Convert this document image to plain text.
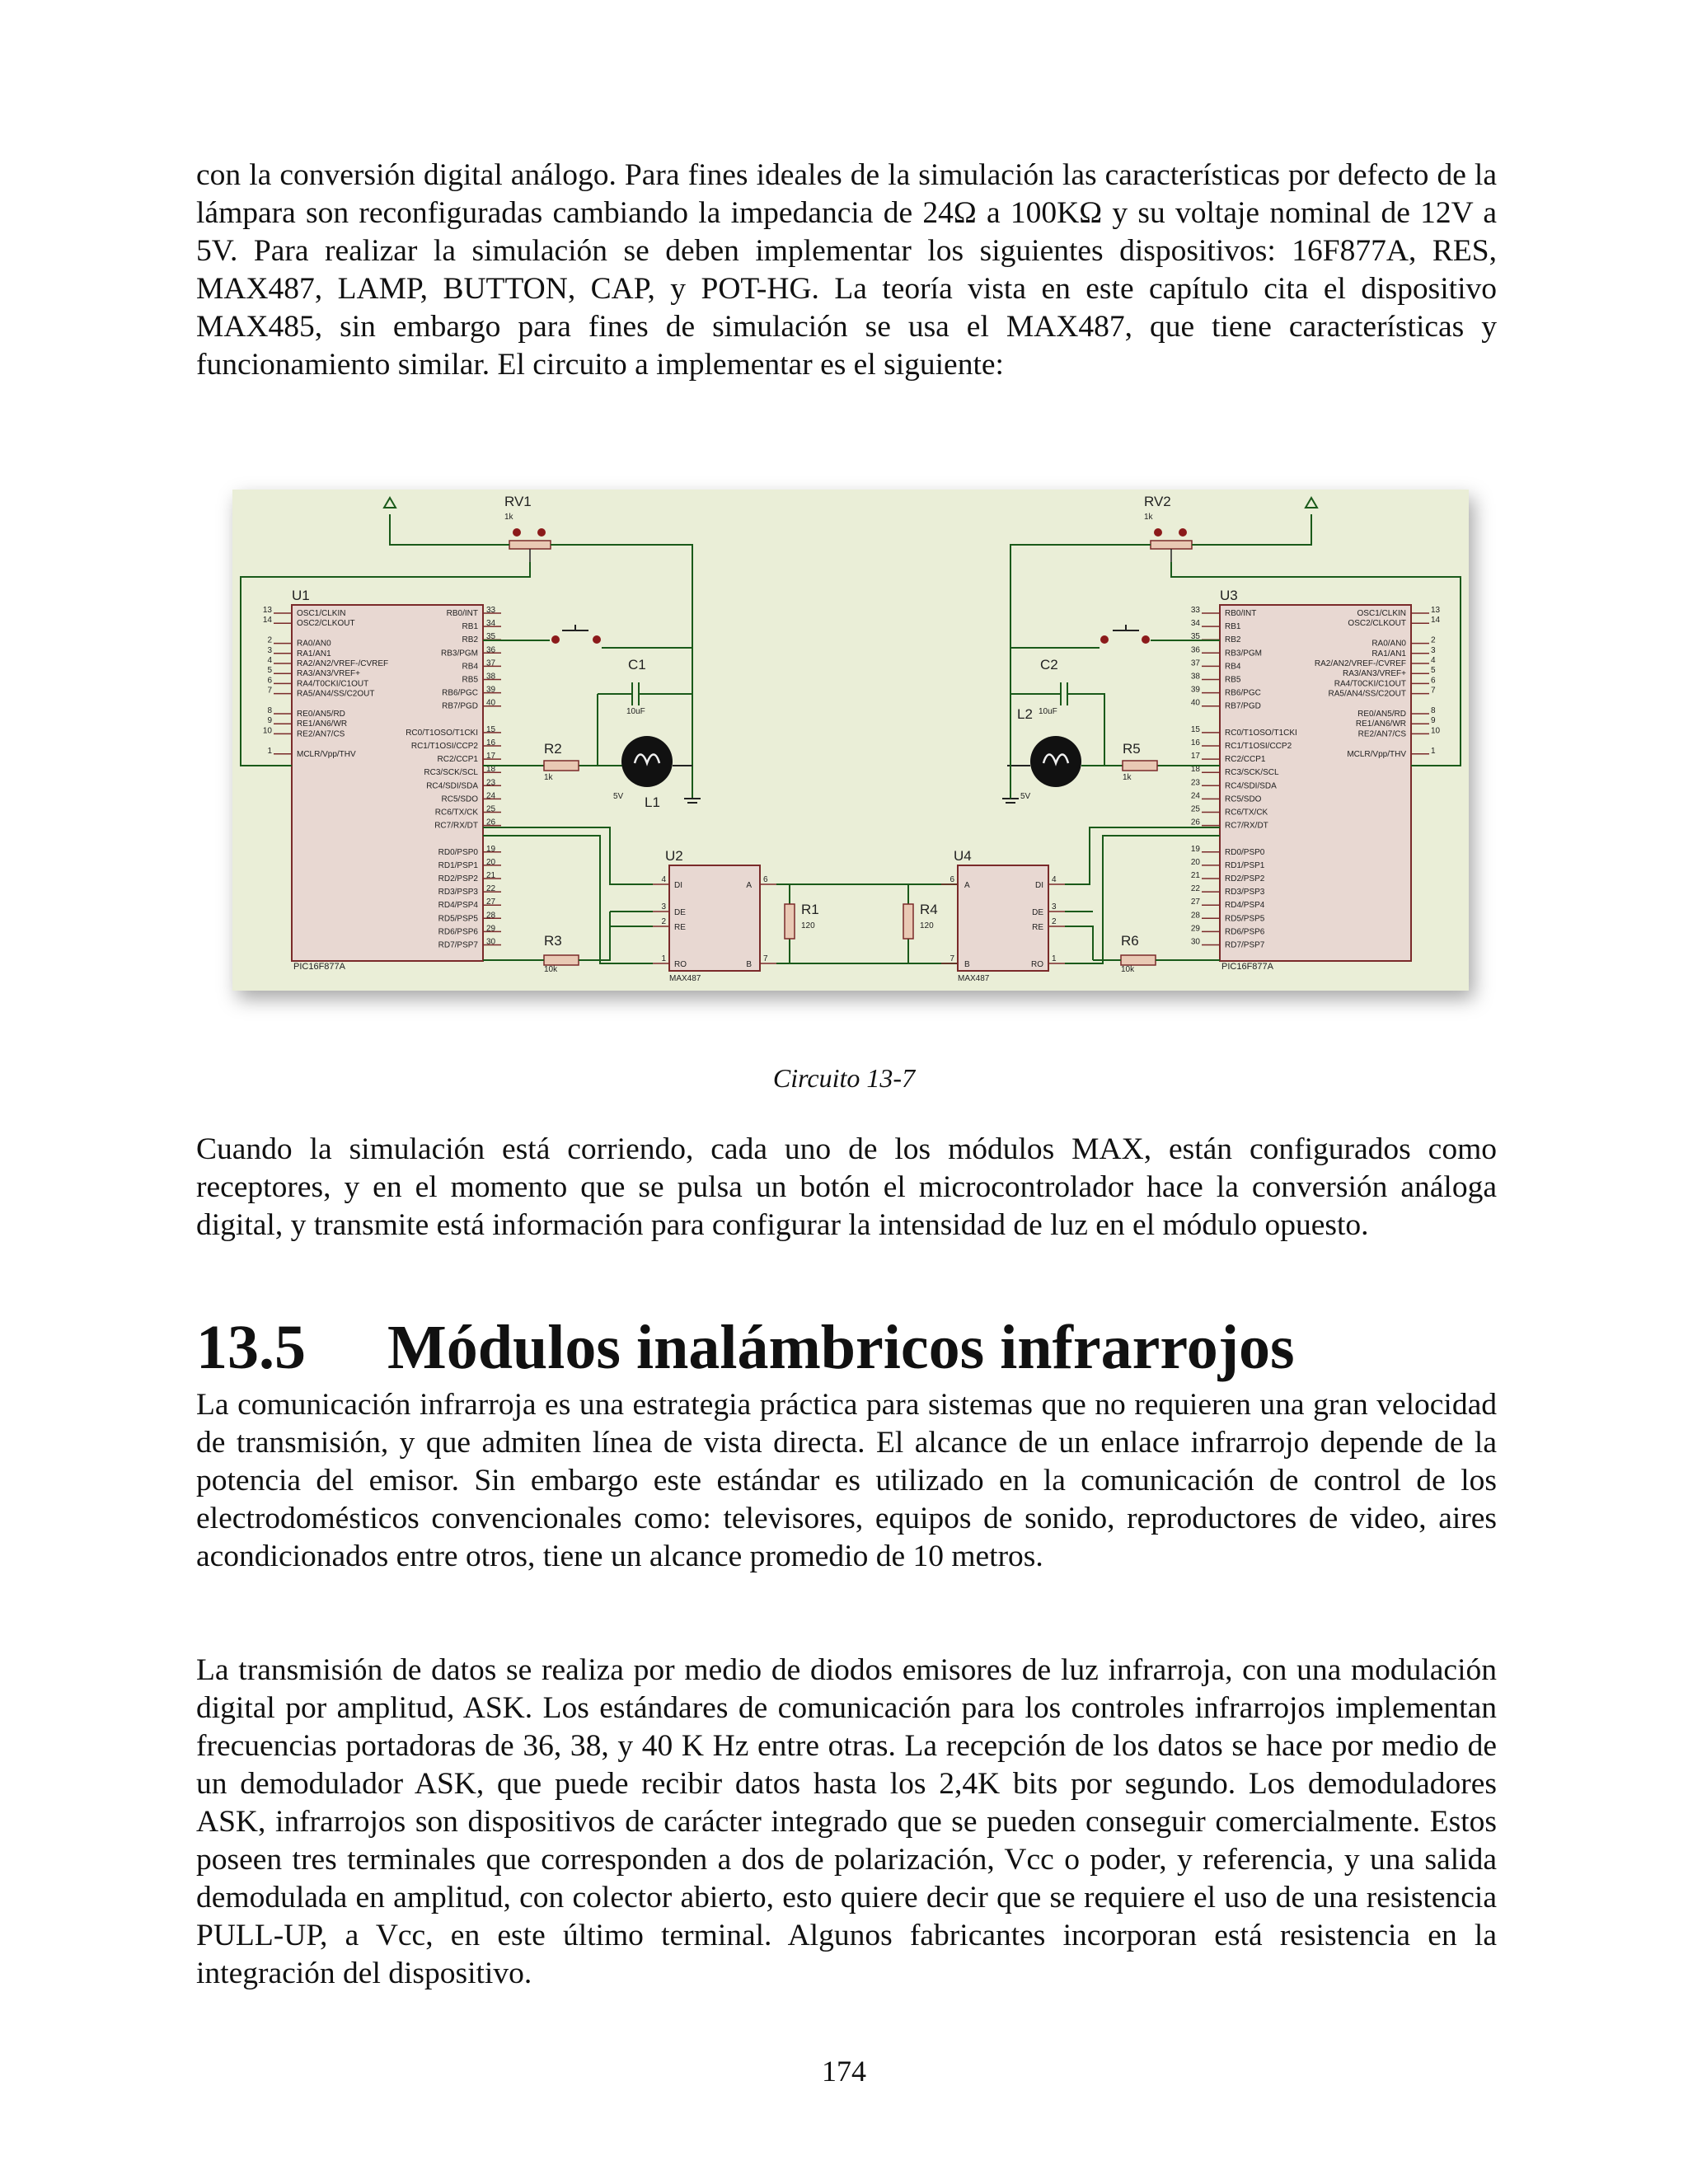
con la conversión digital análogo. Para fines ideales de la simulación las características por defecto de la lámpara son reconfiguradas cambiando la impedancia de 24Ω a 100KΩ y su voltaje nominal de 12V a 5V. Para realizar la simulación se deben implementar los siguientes dispositivos: 16F877A, RES, MAX487, LAMP, BUTTON, CAP, y POT-HG. La teoría vista en este capítulo cita el dispositivo MAX485, sin embargo para fines de simulación se usa el MAX487, que tiene características y funcionamiento similar. El circuito a implementar es el siguiente:

U1
PIC16F877A
13	OSC1/CLKIN
14	OSC2/CLKOUT
2	RA0/AN0
3	RA1/AN1
4	RA2/AN2/VREF-/CVREF
5	RA3/AN3/VREF+
6	RA4/T0CKI/C1OUT
7	RA5/AN4/SS/C2OUT
8	RE0/AN5/RD
9	RE1/AN6/WR
10	RE2/AN7/CS
1	MCLR/Vpp/THV
33
RB0/INT
34
RB1
35
RB2
36
RB3/PGM
37
RB4
38
RB5
39
RB6/PGC
40
RB7/PGD
15
RC0/T1OSO/T1CKI
16
RC1/T1OSI/CCP2
17
RC2/CCP1
18
RC3/SCK/SCL
23
RC4/SDI/SDA
24
RC5/SDO
25
RC6/TX/CK
26
RC7/RX/DT
19
RD0/PSP0
20
RD1/PSP1
21
RD2/PSP2
22
RD3/PSP3
27
RD4/PSP4
28
RD5/PSP5
29
RD6/PSP6
30
RD7/PSP7
U3
PIC16F877A
33	RB0/INT
34	RB1
35	RB2
36	RB3/PGM
37	RB4
38	RB5
39	RB6/PGC
40	RB7/PGD
15	RC0/T1OSO/T1CKI
16	RC1/T1OSI/CCP2
17	RC2/CCP1
18	RC3/SCK/SCL
23	RC4/SDI/SDA
24	RC5/SDO
25	RC6/TX/CK
26	RC7/RX/DT
19	RD0/PSP0
20	RD1/PSP1
21	RD2/PSP2
22	RD3/PSP3
27	RD4/PSP4
28	RD5/PSP5
29	RD6/PSP6
30	RD7/PSP7
13
OSC1/CLKIN
14
OSC2/CLKOUT
2
RA0/AN0
3
RA1/AN1
4
RA2/AN2/VREF-/CVREF
5
RA3/AN3/VREF+
6
RA4/T0CKI/C1OUT
7
RA5/AN4/SS/C2OUT
8
RE0/AN5/RD
9
RE1/AN6/WR
10
RE2/AN7/CS
1
MCLR/Vpp/THV
RV1
1k
C1
10uF
R2
1k
L1
5V
U2
MAX487
4
DI
3
DE
2
RE
1
RO
6
A
7
B
R3
10k
R1
120
R4
120
U4
MAX487
4
DI
3
DE
2
RE
1
RO
6
A
7
B
R6
10k
R5
1k
L2
5V
C2
10uF
RV2
1k
Circuito 13-7

Cuando la simulación está corriendo, cada uno de los módulos MAX, están configurados como receptores, y en el momento que se pulsa un botón el microcontrolador hace la conversión análoga digital, y transmite está información para configurar la intensidad de luz en el módulo opuesto.

13.5 Módulos inalámbricos infrarrojos

La comunicación infrarroja es una estrategia práctica para sistemas que no requieren una gran velocidad de transmisión, y que admiten línea de vista directa. El alcance de un enlace infrarrojo depende de la potencia del emisor. Sin embargo este estándar es utilizado en la comunicación de control de los electrodomésticos convencionales como: televisores, equipos de sonido, reproductores de video, aires acondicionados entre otros, tiene un alcance promedio de 10 metros.

La transmisión de datos se realiza por medio de diodos emisores de luz infrarroja, con una modulación digital por amplitud, ASK. Los estándares de comunicación para los controles infrarrojos implementan frecuencias portadoras de 36, 38, y 40 K Hz entre otras. La recepción de los datos se hace por medio de un demodulador ASK, que puede recibir datos hasta los 2,4K bits por segundo. Los demoduladores ASK, infrarrojos son dispositivos de carácter integrado que se pueden conseguir comercialmente. Estos poseen tres terminales que corresponden a dos de polarización, Vcc o poder, y referencia, y una salida demodulada en amplitud, con colector abierto, esto quiere decir que se requiere el uso de una resistencia PULL-UP, a Vcc, en este último terminal. Algunos fabricantes incorporan está resistencia en la integración del dispositivo.

174
